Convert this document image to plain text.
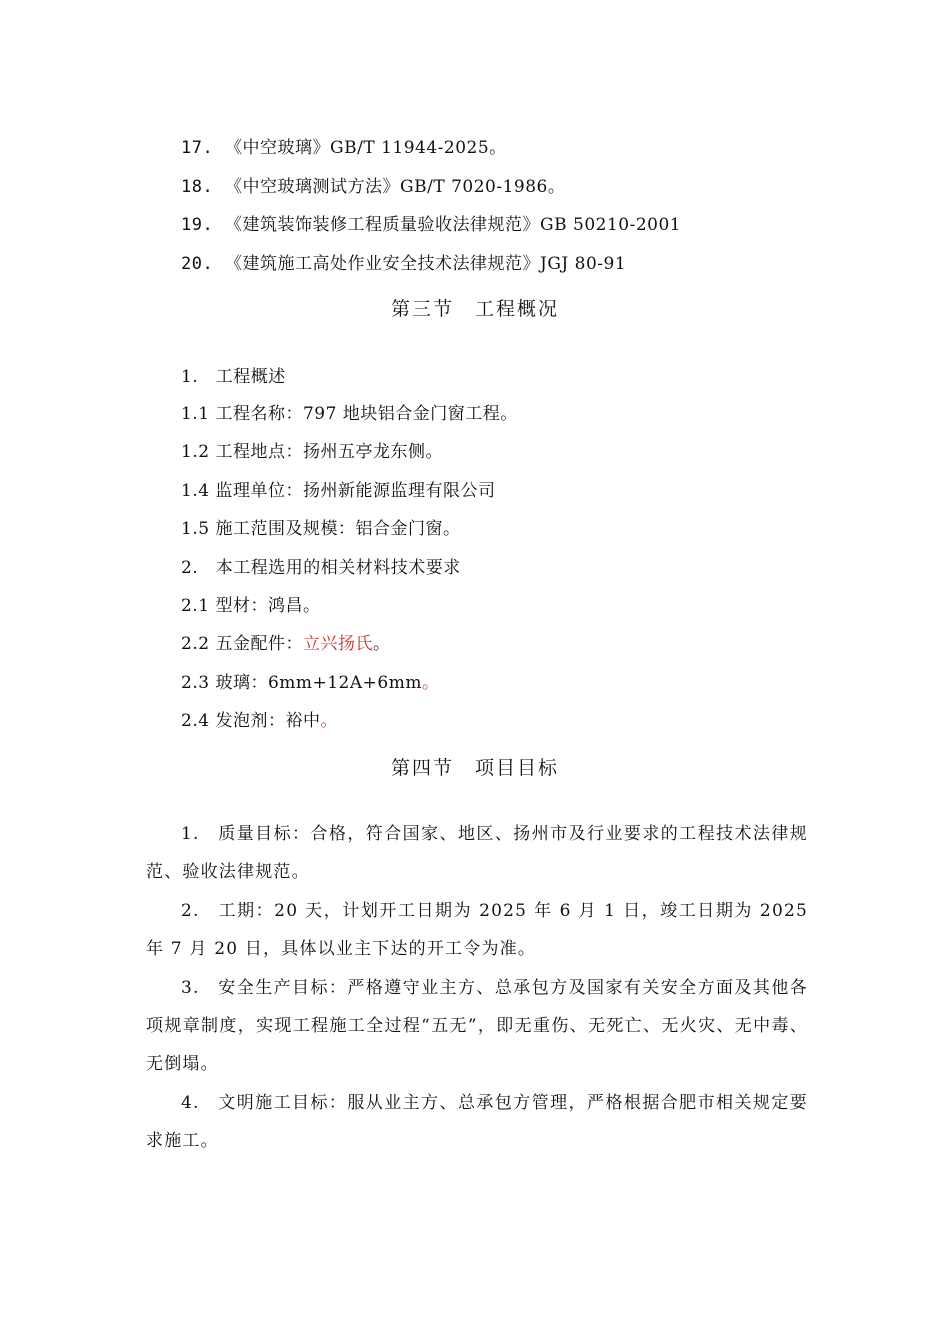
17. 《中空玻璃》GB/T 11944-2025。
18. 《中空玻璃测试方法》GB/T 7020-1986。
19. 《建筑装饰装修工程质量验收法律规范》GB 50210-2001
20. 《建筑施工高处作业安全技术法律规范》JGJ 80-91
第三节　工程概况
1.　工程概述
1.1 工程名称：797 地块铝合金门窗工程。
1.2 工程地点：扬州五亭龙东侧。
1.4 监理单位：扬州新能源监理有限公司
1.5 施工范围及规模：铝合金门窗。
2.　本工程选用的相关材料技术要求
2.1 型材：鸿昌。
2.2 五金配件：立兴扬氏。
2.3 玻璃：6mm+12A+6mm。
2.4 发泡剂：裕中。
第四节　项目目标
1.　质量目标：合格，符合国家、地区、扬州市及行业要求的工程技术法律规范、验收法律规范。
2.　工期：20 天，计划开工日期为 2025 年 6 月 1 日，竣工日期为 2025 年 7 月 20 日，具体以业主下达的开工令为准。
3.　安全生产目标：严格遵守业主方、总承包方及国家有关安全方面及其他各项规章制度，实现工程施工全过程“五无”，即无重伤、无死亡、无火灾、无中毒、无倒塌。
4.　文明施工目标：服从业主方、总承包方管理，严格根据合肥市相关规定要求施工。
